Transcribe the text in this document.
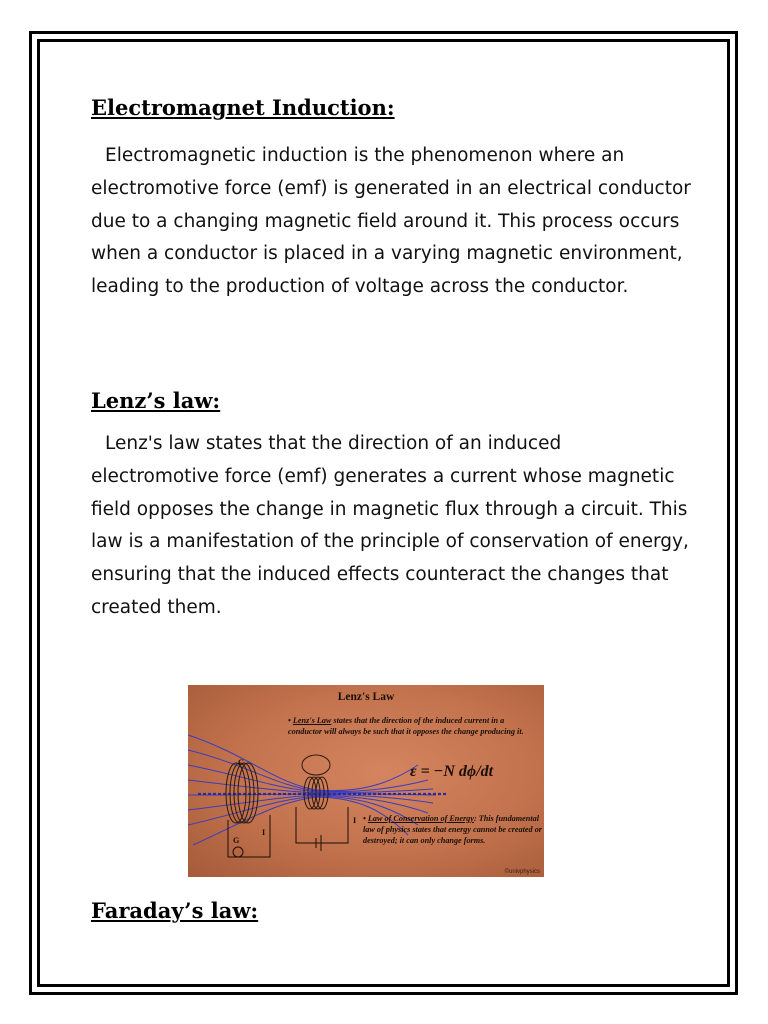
Electromagnet Induction:

Electromagnetic induction is the phenomenon where an electromotive force (emf) is generated in an electrical conductor due to a changing magnetic field around it. This process occurs when a conductor is placed in a varying magnetic environment, leading to the production of voltage across the conductor.

Lenz’s law:

Lenz's law states that the direction of an induced electromotive force (emf) generates a current whose magnetic field opposes the change in magnetic flux through a circuit. This law is a manifestation of the principle of conservation of energy, ensuring that the induced effects counteract the changes that created them.

Lenz's Law
• Lenz's Law states that the direction of the induced current in a conductor will always be such that it opposes the change producing it.
ε = −N dϕ/dt
• Law of Conservation of Energy: This fundamental law of physics states that energy cannot be created or destroyed; it can only change forms.
C
G
I
I
©univphysics
Faraday’s law:
